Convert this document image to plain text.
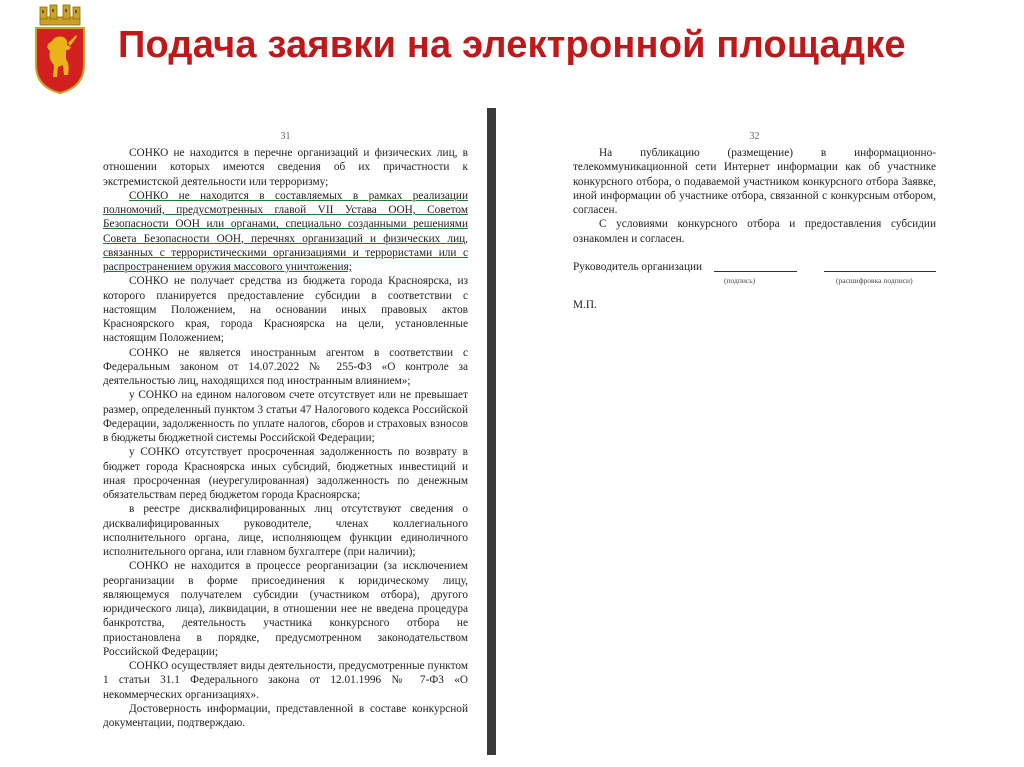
Подача заявки на электронной площадке
31

СОНКО не находится в перечне организаций и физических лиц, в отношении которых имеются сведения об их причастности к экстремистской деятельности или терроризму;

СОНКО не находится в составляемых в рамках реализации полномочий, предусмотренных главой VII Устава ООН, Советом Безопасности ООН или органами, специально созданными решениями Совета Безопасности ООН, перечнях организаций и физических лиц, связанных с террористическими организациями и террористами или с распространением оружия массового уничтожения;

СОНКО не получает средства из бюджета города Красноярска, из которого планируется предоставление субсидии в соответствии с настоящим Положением, на основании иных правовых актов Красноярского края, города Красноярска на цели, установленные настоящим Положением;

СОНКО не является иностранным агентом в соответствии с Федеральным законом от 14.07.2022 № 255-ФЗ «О контроле за деятельностью лиц, находящихся под иностранным влиянием»;

у СОНКО на едином налоговом счете отсутствует или не превышает размер, определенный пунктом 3 статьи 47 Налогового кодекса Российской Федерации, задолженность по уплате налогов, сборов и страховых взносов в бюджеты бюджетной системы Российской Федерации;

у СОНКО отсутствует просроченная задолженность по возврату в бюджет города Красноярска иных субсидий, бюджетных инвестиций и иная просроченная (неурегулированная) задолженность по денежным обязательствам перед бюджетом города Красноярска;

в реестре дисквалифицированных лиц отсутствуют сведения о дисквалифицированных руководителе, членах коллегиального исполнительного органа, лице, исполняющем функции единоличного исполнительного органа, или главном бухгалтере (при наличии);

СОНКО не находится в процессе реорганизации (за исключением реорганизации в форме присоединения к юридическому лицу, являющемуся получателем субсидии (участником отбора), другого юридического лица), ликвидации, в отношении нее не введена процедура банкротства, деятельность участника конкурсного отбора не приостановлена в порядке, предусмотренном законодательством Российской Федерации;

СОНКО осуществляет виды деятельности, предусмотренные пунктом 1 статьи 31.1 Федерального закона от 12.01.1996 № 7-ФЗ «О некоммерческих организациях».

Достоверность информации, представленной в составе конкурсной документации, подтверждаю.

32

На публикацию (размещение) в информационно-телекоммуникационной сети Интернет информации как об участнике конкурсного отбора, о подаваемой участником конкурсного отбора Заявке, иной информации об участнике отбора, связанной с конкурсным отбором, согласен.

С условиями конкурсного отбора и предоставления субсидии ознакомлен и согласен.

Руководитель организации
(подпись)	(расшифровка подписи)
М.П.
